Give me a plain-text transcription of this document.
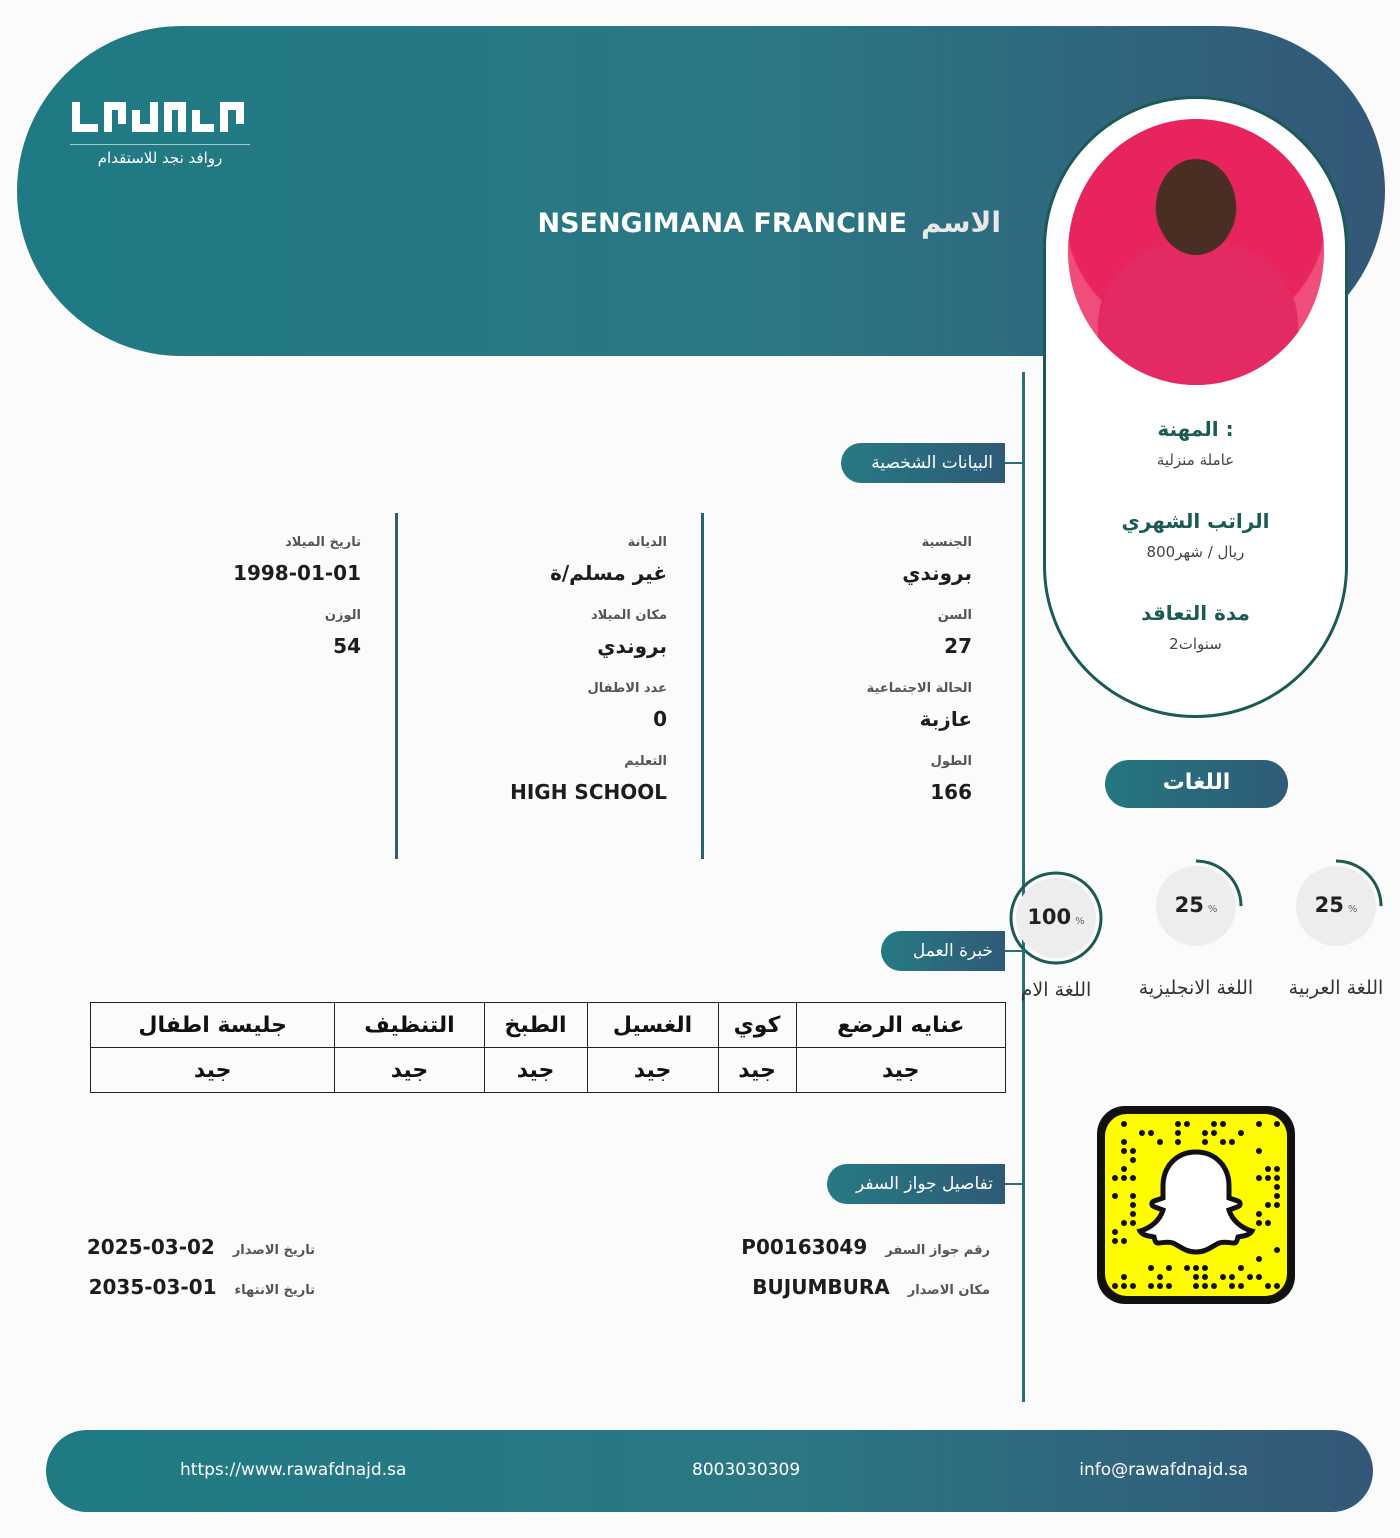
روافد نجد للاستقدام
الاسم
NSENGIMANA FRANCINE
المهنة :
عاملة منزلية
الراتب الشهري
800ريال / شهر
مدة التعاقد
2سنوات
البيانات الشخصية
الجنسية
بروندي
السن
27
الحالة الاجتماعية
عازبة
الطول
166
الديانة
غير مسلم/ة
مكان الميلاد
بروندي
عدد الاطفال
0
التعليم
HIGH SCHOOL
تاريخ الميلاد
1998-01-01
الوزن
54
اللغات
100 %
اللغة الام
25 %
اللغة الانجليزية
25 %
اللغة العربية
خبرة العمل
عنايه الرضع	كوي	الغسيل	الطبخ	التنظيف	جليسة اطفال
جيد	جيد	جيد	جيد	جيد	جيد
تفاصيل جواز السفر
رقم جواز السفر
P00163049
مكان الاصدار
BUJUMBURA
تاريخ الاصدار
2025-03-02
تاريخ الانتهاء
2035-03-01
https://www.rawafdnajd.sa	8003030309	info@rawafdnajd.sa
